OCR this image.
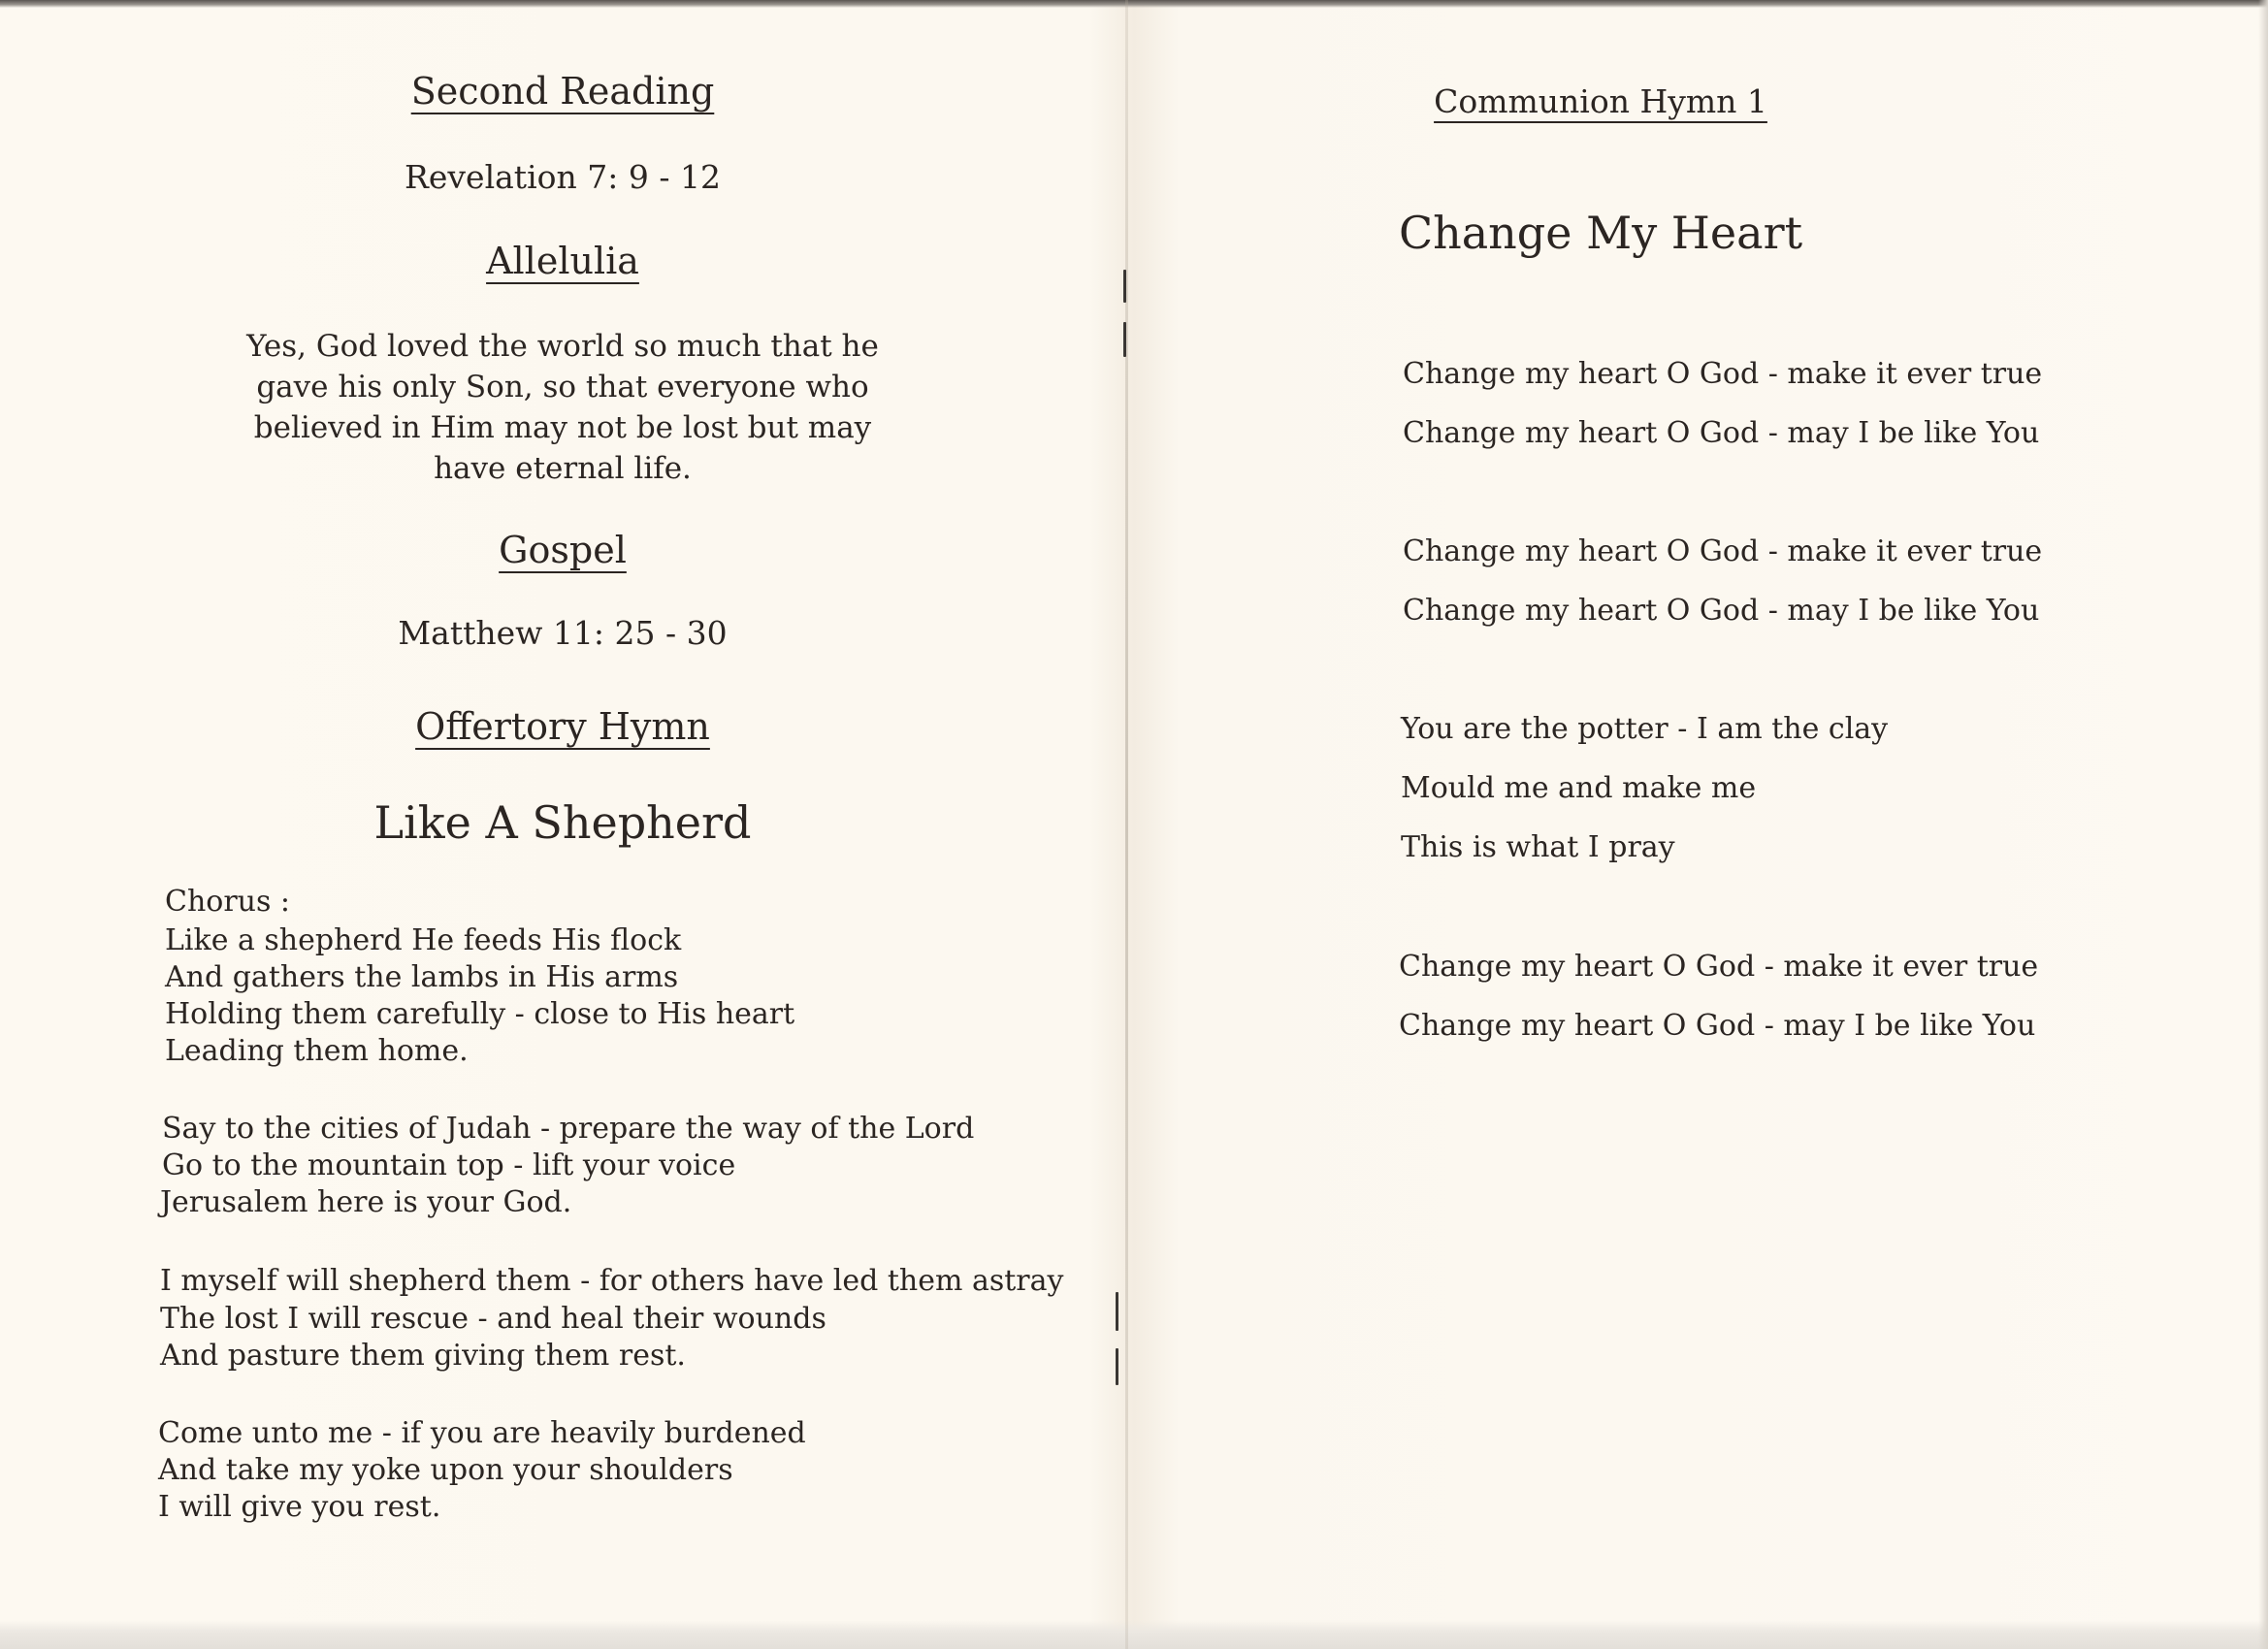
Second Reading
Revelation 7: 9 - 12
Allelulia
Yes, God loved the world so much that he
gave his only Son, so that everyone who
believed in Him may not be lost but may
have eternal life.
Gospel
Matthew 11: 25 - 30
Offertory Hymn
Like A Shepherd
Chorus :
Like a shepherd He feeds His flock
And gathers the lambs in His arms
Holding them carefully - close to His heart
Leading them home.
Say to the cities of Judah - prepare the way of the Lord
Go to the mountain top - lift your voice
Jerusalem here is your God.
I myself will shepherd them - for others have led them astray
The lost I will rescue - and heal their wounds
And pasture them giving them rest.
Come unto me - if you are heavily burdened
And take my yoke upon your shoulders
I will give you rest.
Communion Hymn 1
Change My Heart
Change my heart O God - make it ever true
Change my heart O God - may I be like You
Change my heart O God - make it ever true
Change my heart O God - may I be like You
You are the potter - I am the clay
Mould me and make me
This is what I pray
Change my heart O God - make it ever true
Change my heart O God - may I be like You
